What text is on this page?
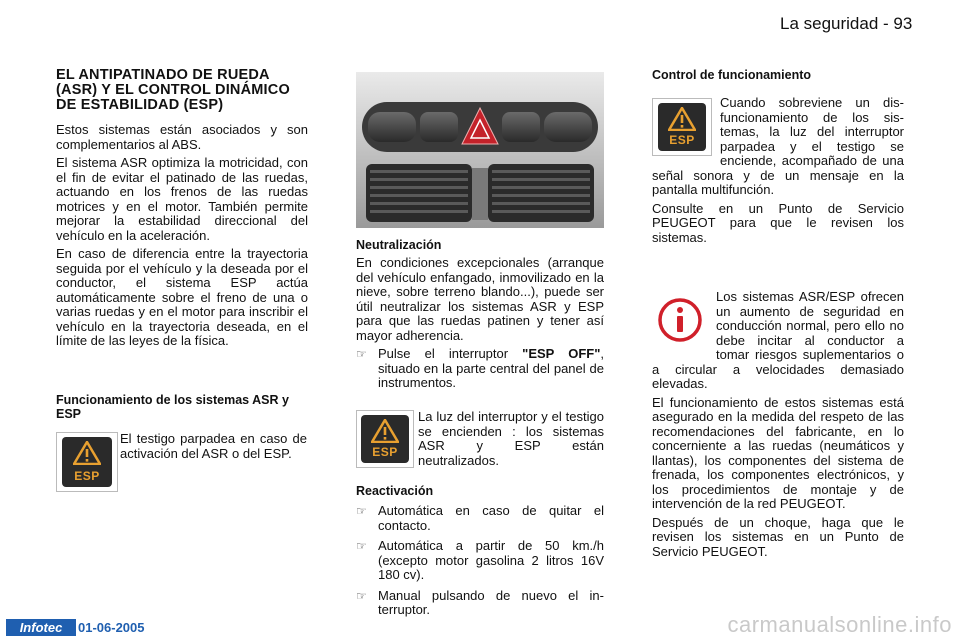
La seguridad - 93
EL ANTIPATINADO DE RUEDA (ASR) Y EL CONTROL DINÁMICO DE ESTABILIDAD (ESP)

Estos sistemas están asociados y son complementarios al ABS.

El sistema ASR optimiza la motricidad, con el fin de evitar el patinado de las ruedas, actuando en los frenos de las ruedas motrices y en el motor. También permite mejorar la estabilidad direccional del vehículo en la aceleración.

En caso de diferencia entre la trayectoria seguida por el vehículo y la deseada por el conductor, el sistema ESP actúa automáticamente sobre el freno de una o varias ruedas y en el motor para inscribir el vehículo en la trayectoria deseada, en el límite de las leyes de la física.

Funcionamiento de los sistemas ASR y ESP
ESP

El testigo parpadea en caso de activación del ASR o del ESP.

Neutralización

En condiciones excepcionales (arranque del vehículo enfangado, inmovilizado en la nieve, sobre terreno blando...), puede ser útil neutralizar los sistemas ASR y ESP para que las ruedas patinen y tener así mayor adherencia.

☞ Pulse el interruptor "ESP OFF", situado en la parte central del panel de instrumentos.
ESP

La luz del interruptor y el testigo se encienden : los sistemas ASR y ESP están neutralizados.

Reactivación
☞ Automática en caso de quitar el contacto.
☞ Automática a partir de 50 km./h (excepto motor gasolina 2 litros 16V 180 cv).
☞ Manual pulsando de nuevo el interruptor.
Control de funcionamiento
ESP

Cuando sobreviene un disfuncionamiento de los sistemas, la luz del interruptor parpadea y el testigo se enciende, acompañado de una señal sonora y de un mensaje en la pantalla multifunción.

Consulte en un Punto de Servicio PEUGEOT para que le revisen los sistemas.

Los sistemas ASR/ESP ofrecen un aumento de seguridad en conducción normal, pero ello no debe incitar al conductor a tomar riesgos suplementarios o a circular a velocidades demasiado elevadas.

El funcionamiento de estos sistemas está asegurado en la medida del respeto de las recomendaciones del fabricante, en lo concerniente a las ruedas (neumáticos y llantas), los componentes del sistema de frenada, los componentes electrónicos, y los procedimientos de montaje y de intervención de la red PEUGEOT.

Después de un choque, haga que le revisen los sistemas en un Punto de Servicio PEUGEOT.

Infotec	01-06-2005	carmanualsonline.info
